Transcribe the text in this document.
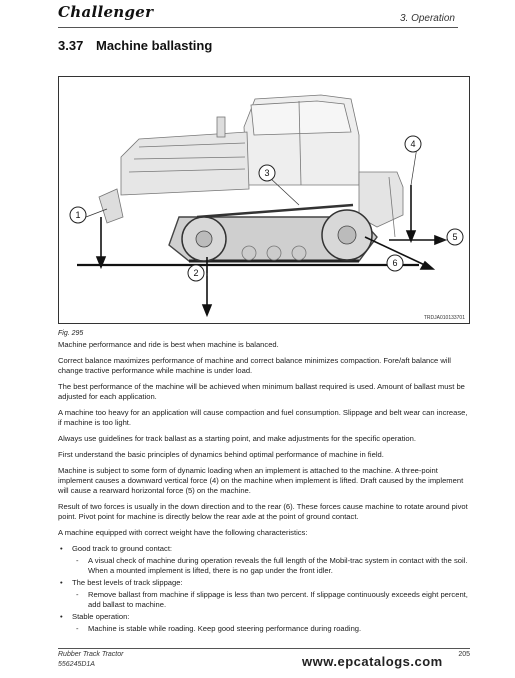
Challenger	3. Operation
3.37 Machine ballasting
1
2
3
4
5
6
TRDJA010133701
Fig. 295

Machine performance and ride is best when machine is balanced.

Correct balance maximizes performance of machine and correct balance minimizes compaction. Fore/aft balance will change tractive performance while machine is under load.

The best performance of the machine will be achieved when minimum ballast required is used. Amount of ballast must be adjusted for each application.

A machine too heavy for an application will cause compaction and fuel consumption. Slippage and belt wear can increase, if machine is too light.

Always use guidelines for track ballast as a starting point, and make adjustments for the specific operation.

First understand the basic principles of dynamics behind optimal performance of machine in field.

Machine is subject to some form of dynamic loading when an implement is attached to the machine. A three-point implement causes a downward vertical force (4) on the machine when implement is lifted. Draft caused by the implement will cause a rearward horizontal force (5) on the machine.

Result of two forces is usually in the down direction and to the rear (6). These forces cause machine to rotate around pivot point. Pivot point for machine is directly below the rear axle at the point of ground contact.

A machine equipped with correct weight have the following characteristics:

• Good track to ground contact:
- A visual check of machine during operation reveals the full length of the Mobil-trac system in contact with the soil. When a mounted implement is lifted, there is no gap under the front idler.
• The best levels of track slippage:
- Remove ballast from machine if slippage is less than two percent. If slippage continuously exceeds eight percent, add ballast to machine.
• Stable operation:
- Machine is stable while roading. Keep good steering performance during roading.
Rubber Track Tractor
556245D1A
205
www.epcatalogs.com
